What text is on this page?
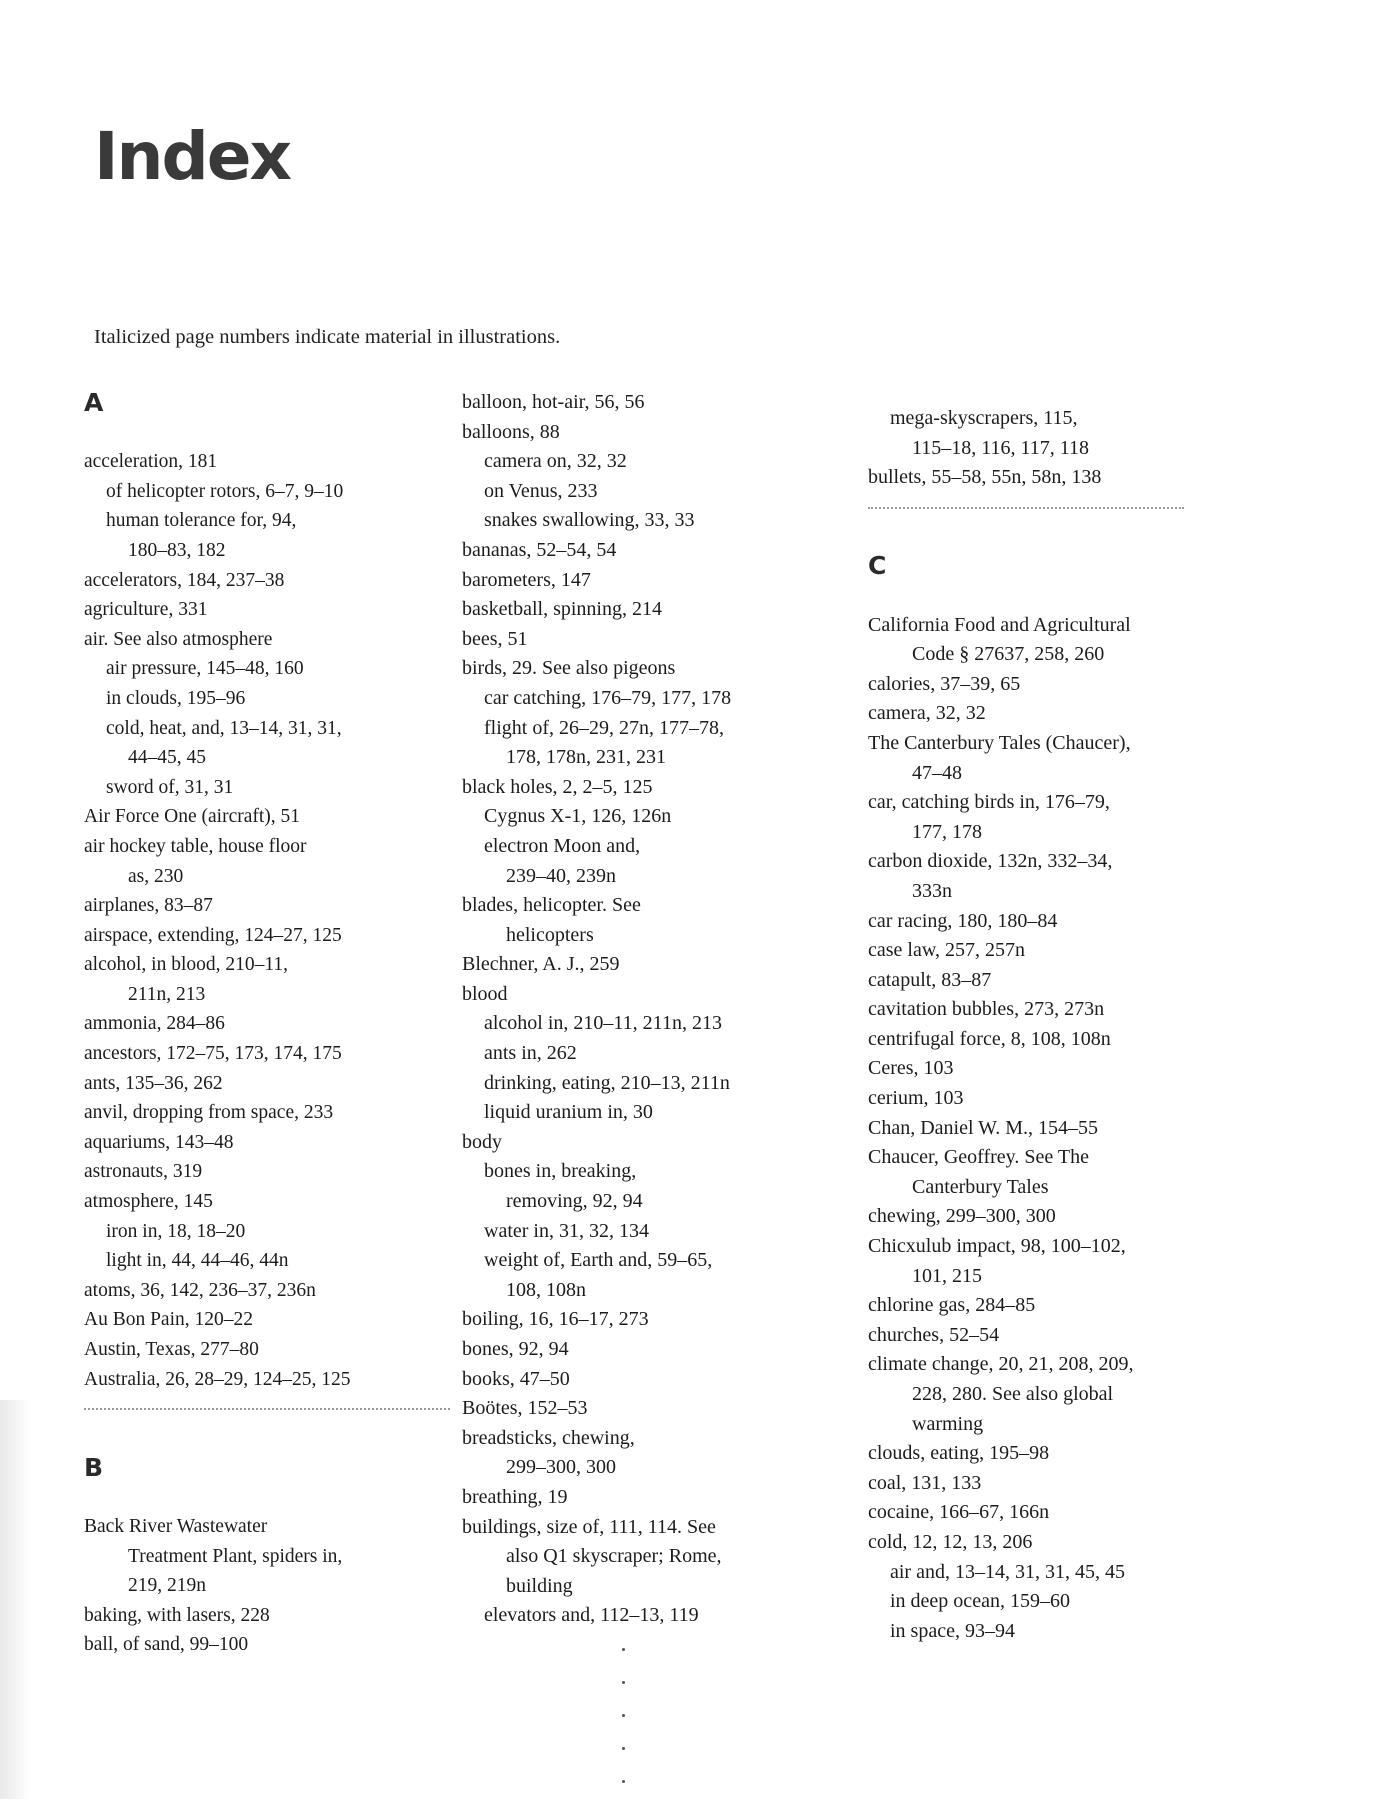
Index
Italicized page numbers indicate material in illustrations.
A
acceleration, 181
of helicopter rotors, 6–7, 9–10
human tolerance for, 94,
180–83, 182
accelerators, 184, 237–38
agriculture, 331
air. See also atmosphere
air pressure, 145–48, 160
in clouds, 195–96
cold, heat, and, 13–14, 31, 31,
44–45, 45
sword of, 31, 31
Air Force One (aircraft), 51
air hockey table, house floor
as, 230
airplanes, 83–87
airspace, extending, 124–27, 125
alcohol, in blood, 210–11,
211n, 213
ammonia, 284–86
ancestors, 172–75, 173, 174, 175
ants, 135–36, 262
anvil, dropping from space, 233
aquariums, 143–48
astronauts, 319
atmosphere, 145
iron in, 18, 18–20
light in, 44, 44–46, 44n
atoms, 36, 142, 236–37, 236n
Au Bon Pain, 120–22
Austin, Texas, 277–80
Australia, 26, 28–29, 124–25, 125
B
Back River Wastewater
Treatment Plant, spiders in,
219, 219n
baking, with lasers, 228
ball, of sand, 99–100
balloon, hot-air, 56, 56
balloons, 88
camera on, 32, 32
on Venus, 233
snakes swallowing, 33, 33
bananas, 52–54, 54
barometers, 147
basketball, spinning, 214
bees, 51
birds, 29. See also pigeons
car catching, 176–79, 177, 178
flight of, 26–29, 27n, 177–78,
178, 178n, 231, 231
black holes, 2, 2–5, 125
Cygnus X-1, 126, 126n
electron Moon and,
239–40, 239n
blades, helicopter. See
helicopters
Blechner, A. J., 259
blood
alcohol in, 210–11, 211n, 213
ants in, 262
drinking, eating, 210–13, 211n
liquid uranium in, 30
body
bones in, breaking,
removing, 92, 94
water in, 31, 32, 134
weight of, Earth and, 59–65,
108, 108n
boiling, 16, 16–17, 273
bones, 92, 94
books, 47–50
Boötes, 152–53
breadsticks, chewing,
299–300, 300
breathing, 19
buildings, size of, 111, 114. See
also Q1 skyscraper; Rome,
building
elevators and, 112–13, 119
mega-skyscrapers, 115,
115–18, 116, 117, 118
bullets, 55–58, 55n, 58n, 138
C
California Food and Agricultural
Code § 27637, 258, 260
calories, 37–39, 65
camera, 32, 32
The Canterbury Tales (Chaucer),
47–48
car, catching birds in, 176–79,
177, 178
carbon dioxide, 132n, 332–34,
333n
car racing, 180, 180–84
case law, 257, 257n
catapult, 83–87
cavitation bubbles, 273, 273n
centrifugal force, 8, 108, 108n
Ceres, 103
cerium, 103
Chan, Daniel W. M., 154–55
Chaucer, Geoffrey. See The
Canterbury Tales
chewing, 299–300, 300
Chicxulub impact, 98, 100–102,
101, 215
chlorine gas, 284–85
churches, 52–54
climate change, 20, 21, 208, 209,
228, 280. See also global
warming
clouds, eating, 195–98
coal, 131, 133
cocaine, 166–67, 166n
cold, 12, 12, 13, 206
air and, 13–14, 31, 31, 45, 45
in deep ocean, 159–60
in space, 93–94
